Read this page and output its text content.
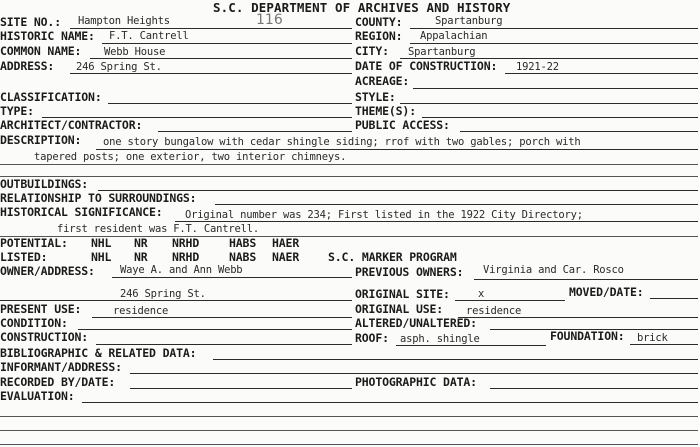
S.C. DEPARTMENT OF ARCHIVES AND HISTORY
116
SITE NO.: Hampton Heights	COUNTY:	Spartanburg
HISTORIC NAME: F.T. Cantrell	REGION: Appalachian
COMMON NAME: Webb House	CITY: Spartanburg
ADDRESS: 246 Spring St.	DATE OF CONSTRUCTION: 1921-22
ACREAGE:
CLASSIFICATION:	STYLE:
TYPE:	THEME(S):
ARCHITECT/CONTRACTOR:	PUBLIC ACCESS:
DESCRIPTION: one story bungalow with cedar shingle siding; rrof with two gables; porch with
tapered posts; one exterior, two interior chimneys.
OUTBUILDINGS:
RELATIONSHIP TO SURROUNDINGS:
HISTORICAL SIGNIFICANCE: Original number was 234; First listed in the 1922 City Directory;
first resident was F.T. Cantrell.
POTENTIAL: NHL NR NRHD	HABS HAER
LISTED:	NHL NR NRHD	NABS NAER	S.C. MARKER PROGRAM
OWNER/ADDRESS: Waye A. and Ann Webb	PREVIOUS OWNERS: Virginia and Car. Rosco
246 Spring St.	ORIGINAL SITE:	x	MOVED/DATE:
PRESENT USE:	residence	ORIGINAL USE: residence
CONDITION:	ALTERED/UNALTERED:
CONSTRUCTION:	ROOF: asph. shingle	FOUNDATION: brick
BIBLIOGRAPHIC & RELATED DATA:
INFORMANT/ADDRESS:
RECORDED BY/DATE:	PHOTOGRAPHIC DATA:
EVALUATION:
